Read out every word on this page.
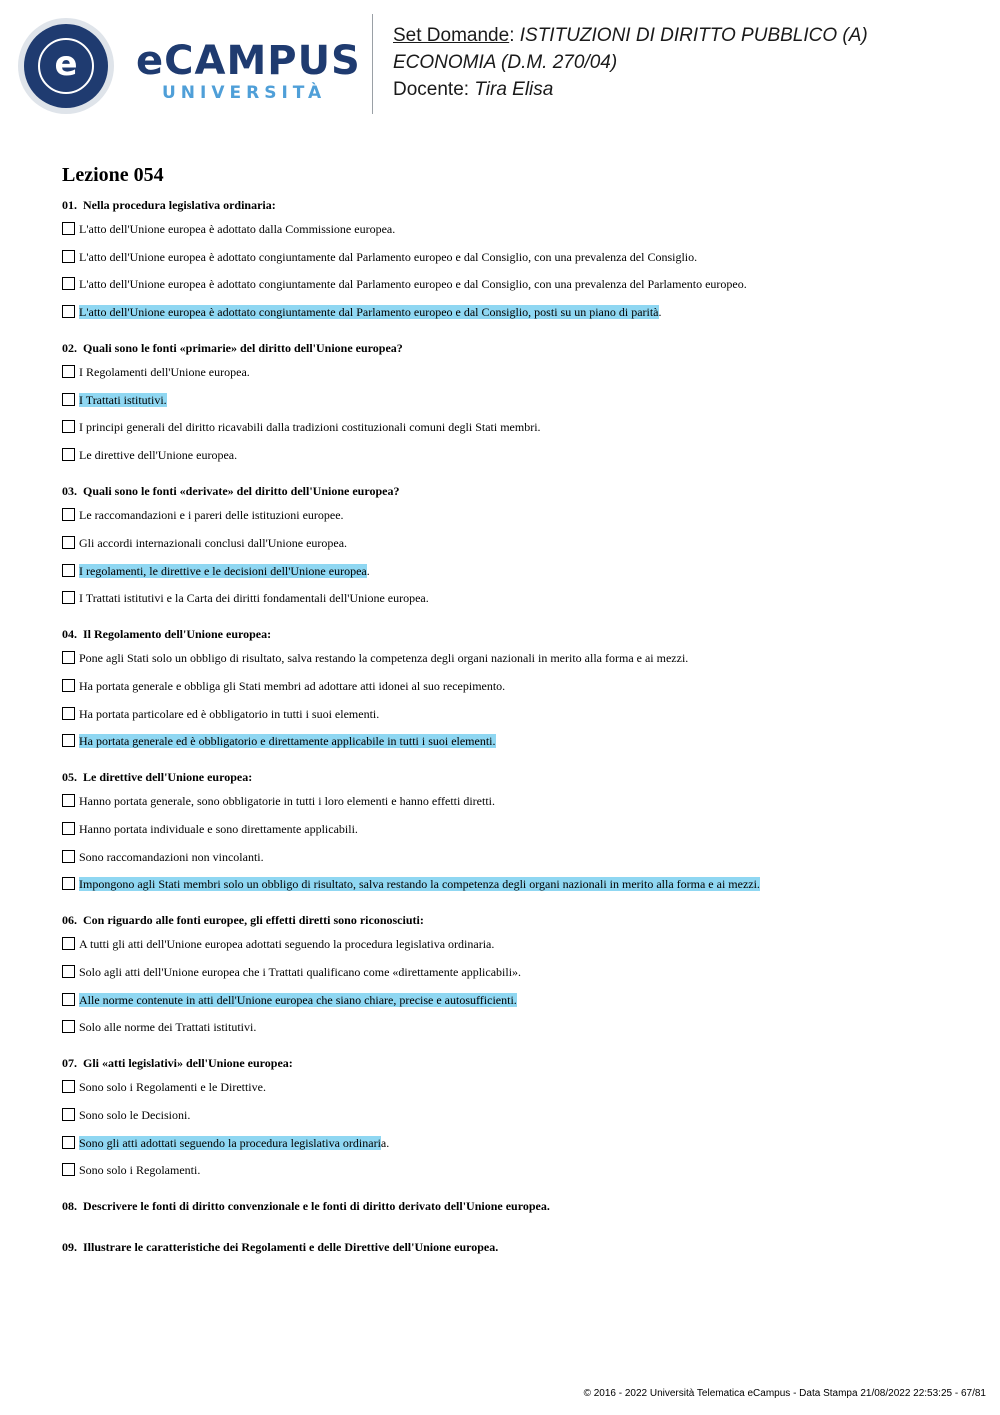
e	eCAMPUS
UNIVERSITÀ
Set Domande: ISTITUZIONI DI DIRITTO PUBBLICO (A)
ECONOMIA (D.M. 270/04)
Docente: Tira Elisa
Lezione 054
01. Nella procedura legislativa ordinaria:
L'atto dell'Unione europea è adottato dalla Commissione europea.
L'atto dell'Unione europea è adottato congiuntamente dal Parlamento europeo e dal Consiglio, con una prevalenza del Consiglio.
L'atto dell'Unione europea è adottato congiuntamente dal Parlamento europeo e dal Consiglio, con una prevalenza del Parlamento europeo.
L'atto dell'Unione europea è adottato congiuntamente dal Parlamento europeo e dal Consiglio, posti su un piano di parità.
02. Quali sono le fonti «primarie» del diritto dell'Unione europea?
I Regolamenti dell'Unione europea.
I Trattati istitutivi.
I principi generali del diritto ricavabili dalla tradizioni costituzionali comuni degli Stati membri.
Le direttive dell'Unione europea.
03. Quali sono le fonti «derivate» del diritto dell'Unione europea?
Le raccomandazioni e i pareri delle istituzioni europee.
Gli accordi internazionali conclusi dall'Unione europea.
I regolamenti, le direttive e le decisioni dell'Unione europea.
I Trattati istitutivi e la Carta dei diritti fondamentali dell'Unione europea.
04. Il Regolamento dell'Unione europea:
Pone agli Stati solo un obbligo di risultato, salva restando la competenza degli organi nazionali in merito alla forma e ai mezzi.
Ha portata generale e obbliga gli Stati membri ad adottare atti idonei al suo recepimento.
Ha portata particolare ed è obbligatorio in tutti i suoi elementi.
Ha portata generale ed è obbligatorio e direttamente applicabile in tutti i suoi elementi.
05. Le direttive dell'Unione europea:
Hanno portata generale, sono obbligatorie in tutti i loro elementi e hanno effetti diretti.
Hanno portata individuale e sono direttamente applicabili.
Sono raccomandazioni non vincolanti.
Impongono agli Stati membri solo un obbligo di risultato, salva restando la competenza degli organi nazionali in merito alla forma e ai mezzi.
06. Con riguardo alle fonti europee, gli effetti diretti sono riconosciuti:
A tutti gli atti dell'Unione europea adottati seguendo la procedura legislativa ordinaria.
Solo agli atti dell'Unione europea che i Trattati qualificano come «direttamente applicabili».
Alle norme contenute in atti dell'Unione europea che siano chiare, precise e autosufficienti.
Solo alle norme dei Trattati istitutivi.
07. Gli «atti legislativi» dell'Unione europea:
Sono solo i Regolamenti e le Direttive.
Sono solo le Decisioni.
Sono gli atti adottati seguendo la procedura legislativa ordinaria.
Sono solo i Regolamenti.
08. Descrivere le fonti di diritto convenzionale e le fonti di diritto derivato dell'Unione europea.
09. Illustrare le caratteristiche dei Regolamenti e delle Direttive dell'Unione europea.
© 2016 - 2022 Università Telematica eCampus - Data Stampa 21/08/2022 22:53:25 - 67/81
